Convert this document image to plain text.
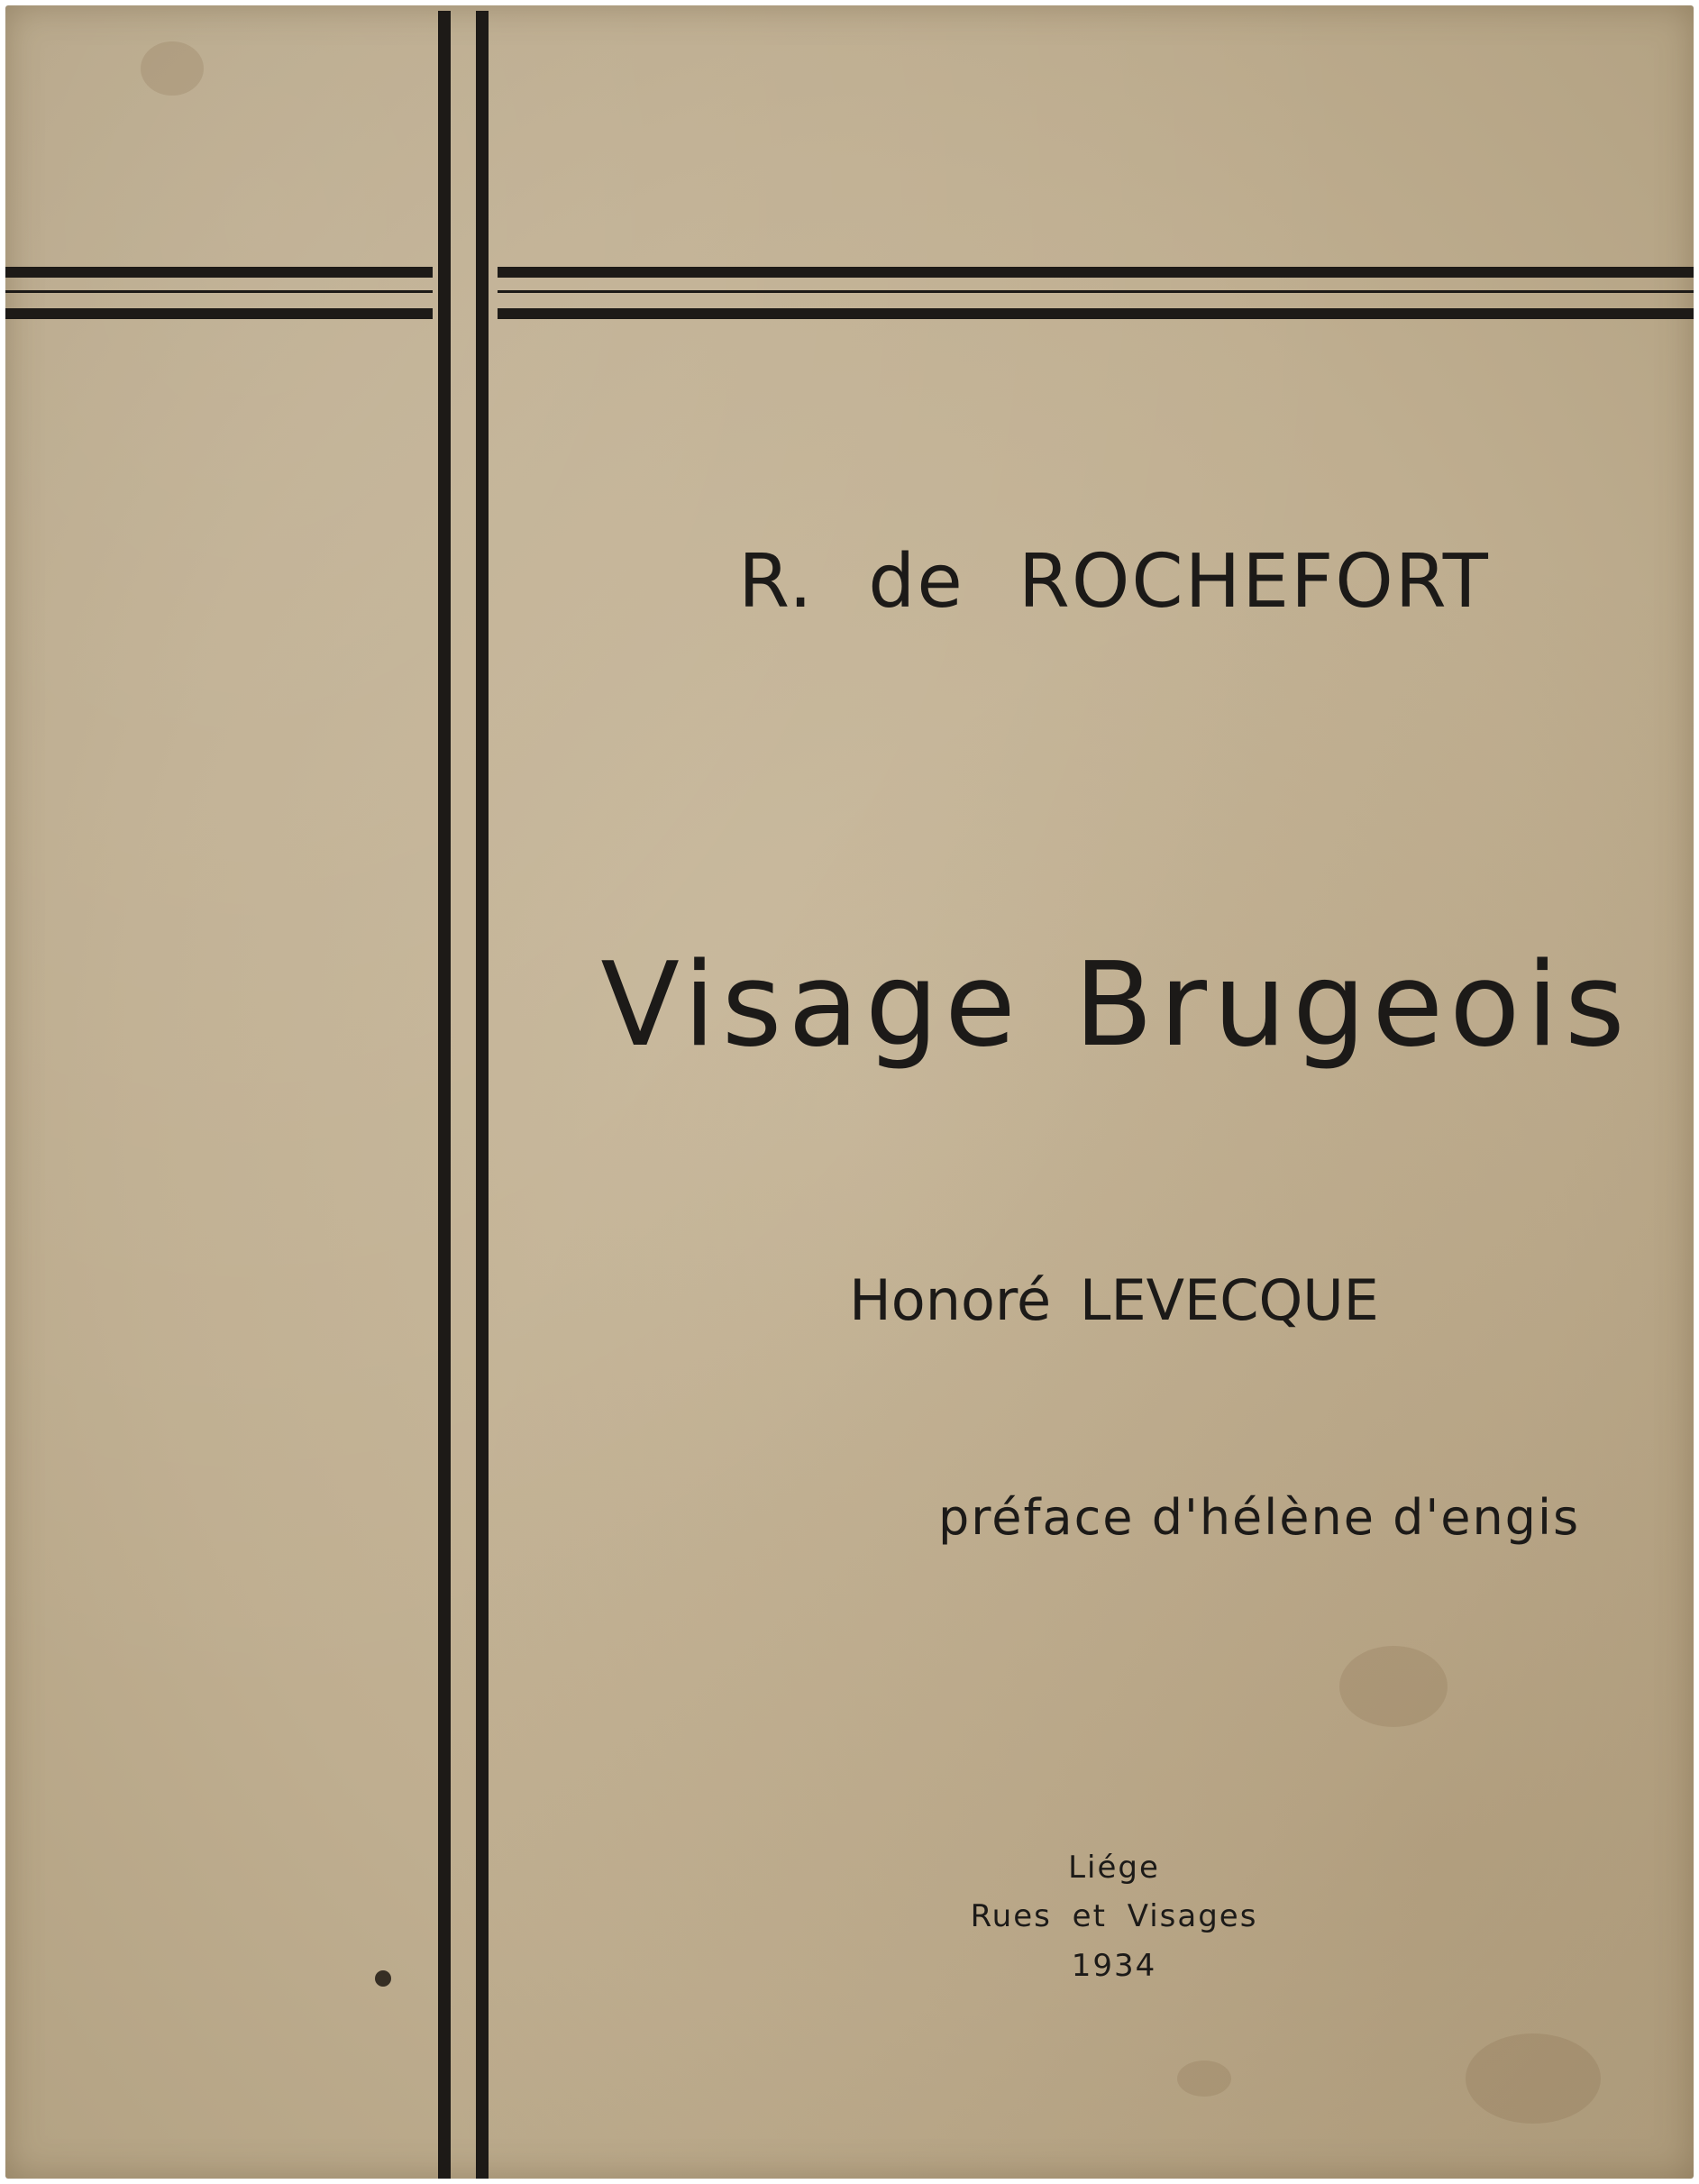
R. de ROCHEFORT
Visage Brugeois
Honoré LEVECQUE
préface d'hélène d'engis
Liége
Rues et Visages
1934
